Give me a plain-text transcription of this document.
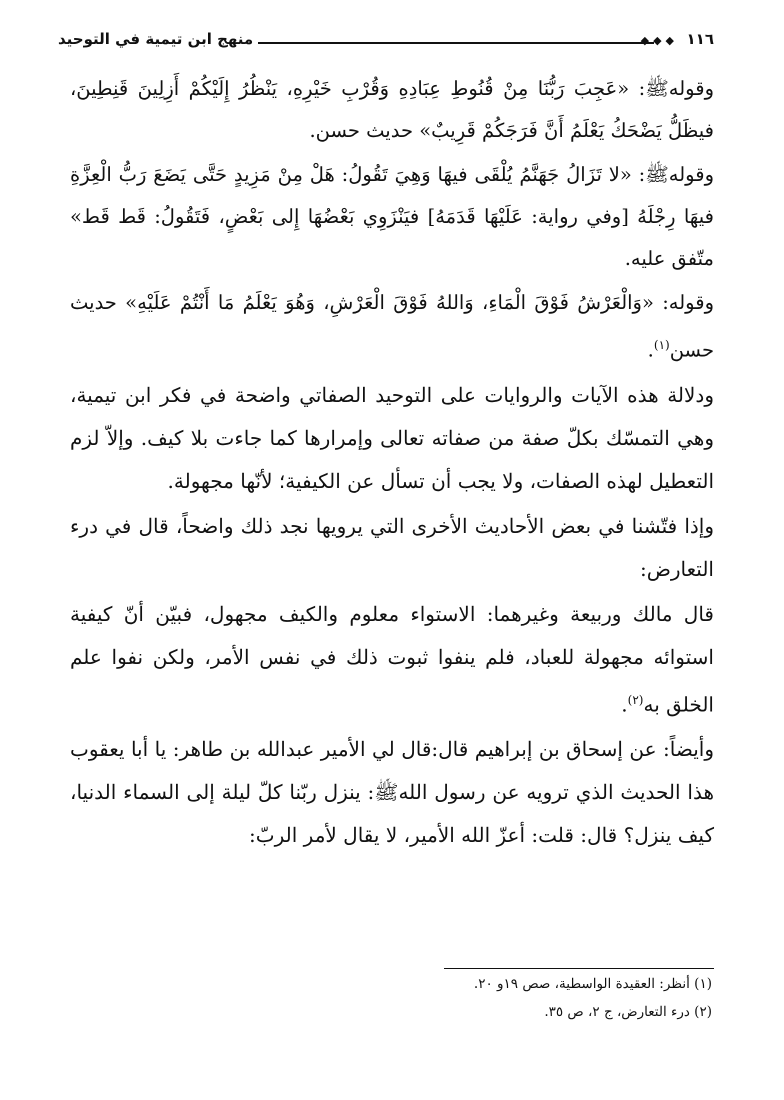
منهج ابن تيمية في التوحيد	◆◆◆ ١١٦

وقولهﷺ: «عَجِبَ رَبُّنَا مِنْ قُنُوطِ عِبَادِهِ وَقُرْبِ خَيْرِهِ، يَنْظُرُ إِلَيْكُمْ أَزِلِينَ قَنِطِينَ، فيظَلُّ يَضْحَكُ يَعْلَمُ أَنَّ فَرَجَكُمْ قَرِيبٌ» حديث حسن.

وقولهﷺ: «لا تَزَالُ جَهَنَّمُ يُلْقَى فيهَا وَهِيَ تَقُولُ: هَلْ مِنْ مَزِيدٍ حَتَّى يَضَعَ رَبُّ الْعِزَّةِ فيهَا رِجْلَهُ [وفي رواية: عَلَيْهَا قَدَمَهُ] فيَنْزَوِي بَعْضُهَا إِلى بَعْضٍ، فَتَقُولُ: قَط قَط» متّفق عليه.

وقوله: «وَالْعَرْشُ فَوْقَ الْمَاءِ، وَاللهُ فَوْقَ الْعَرْشِ، وَهُوَ يَعْلَمُ مَا أَنْتُمْ عَلَيْهِ» حديث حسن$^{(١)}$.

ودلالة هذه الآيات والروايات على التوحيد الصفاتي واضحة في فكر ابن تيمية، وهي التمسّك بكلّ صفة من صفاته تعالى وإمرارها كما جاءت بلا كيف. وإلاّ لزم التعطيل لهذه الصفات، ولا يجب أن تسأل عن الكيفية؛ لأنّها مجهولة.

وإذا فتّشنا في بعض الأحاديث الأخرى التي يرويها نجد ذلك واضحاً، قال في درء التعارض:

قال مالك وربيعة وغيرهما: الاستواء معلوم والكيف مجهول، فبيّن أنّ كيفية استوائه مجهولة للعباد، فلم ينفوا ثبوت ذلك في نفس الأمر، ولكن نفوا علم الخلق به$^{(٢)}$.

وأيضاً: عن إسحاق بن إبراهيم قال:قال لي الأمير عبدالله بن طاهر: يا أبا يعقوب هذا الحديث الذي ترويه عن رسول اللهﷺ: ينزل ربّنا كلّ ليلة إلى السماء الدنيا، كيف ينزل؟ قال: قلت: أعزّ الله الأمير، لا يقال لأمر الربّ:

(١) أنظر: العقيدة الواسطية، صص ١٩و ٢٠.
(٢) درء التعارض، ج ٢، ص ٣٥.
